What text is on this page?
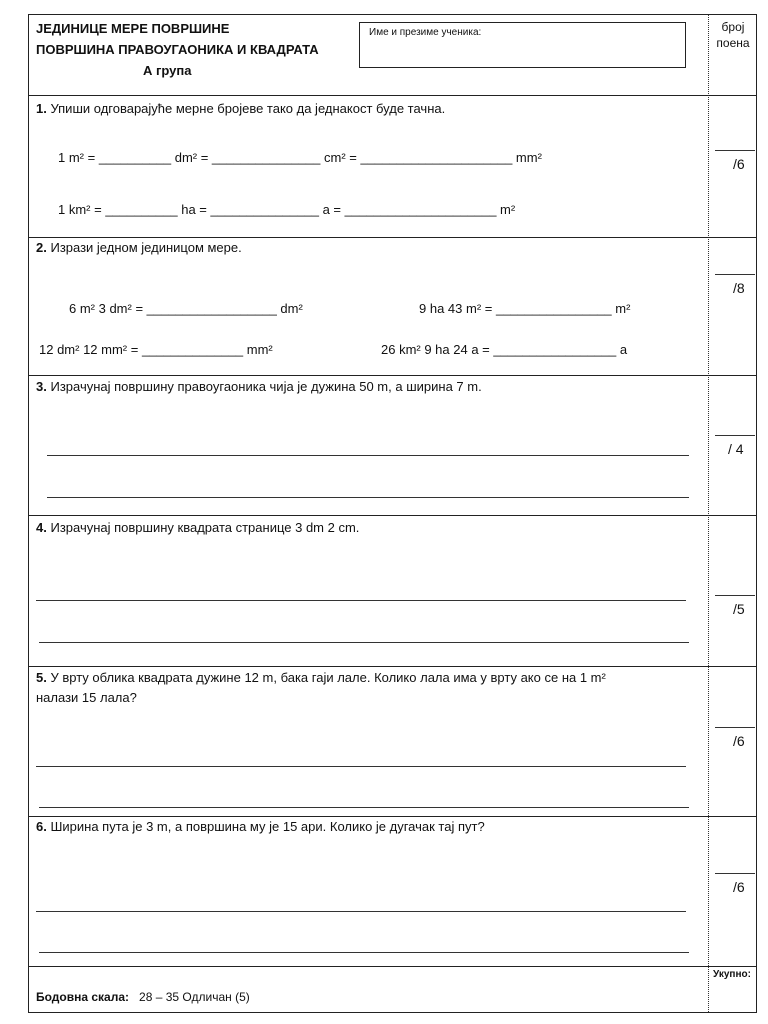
ЈЕДИНИЦЕ МЕРЕ ПОВРШИНЕ
ПОВРШИНА ПРАВОУГАОНИКА И КВАДРАТА
А група
Име и презиме ученика:	број
поена
1. Упиши одговарајуће мерне бројеве тако да једнакост буде тачна.
1 m² = __________ dm² = _______________ cm² = _____________________ mm²
1 km² = __________ ha = _______________ a = _____________________ m²
/6
2. Изрази једном јединицом мере.
6 m² 3 dm² = __________________ dm²	9 ha 43 m² = ________________ m²
12 dm² 12 mm² = ______________ mm²	26 km² 9 ha 24 a = _________________ a
/8
3. Израчунај површину правоугаоника чија је дужина 50 m, а ширина 7 m.
/ 4
4. Израчунај површину квадрата странице 3 dm 2 cm.
/5
5. У врту облика квадрата дужине 12 m, бака гаји лале. Колико лала има у врту ако се на 1 m²
налази 15 лала?
/6
6. Ширина пута је 3 m, а површина му је 15 ари. Колико је дугачак тај пут?
/6
Бодовна скала: 28 – 35 Одличан (5)
Укупно:
